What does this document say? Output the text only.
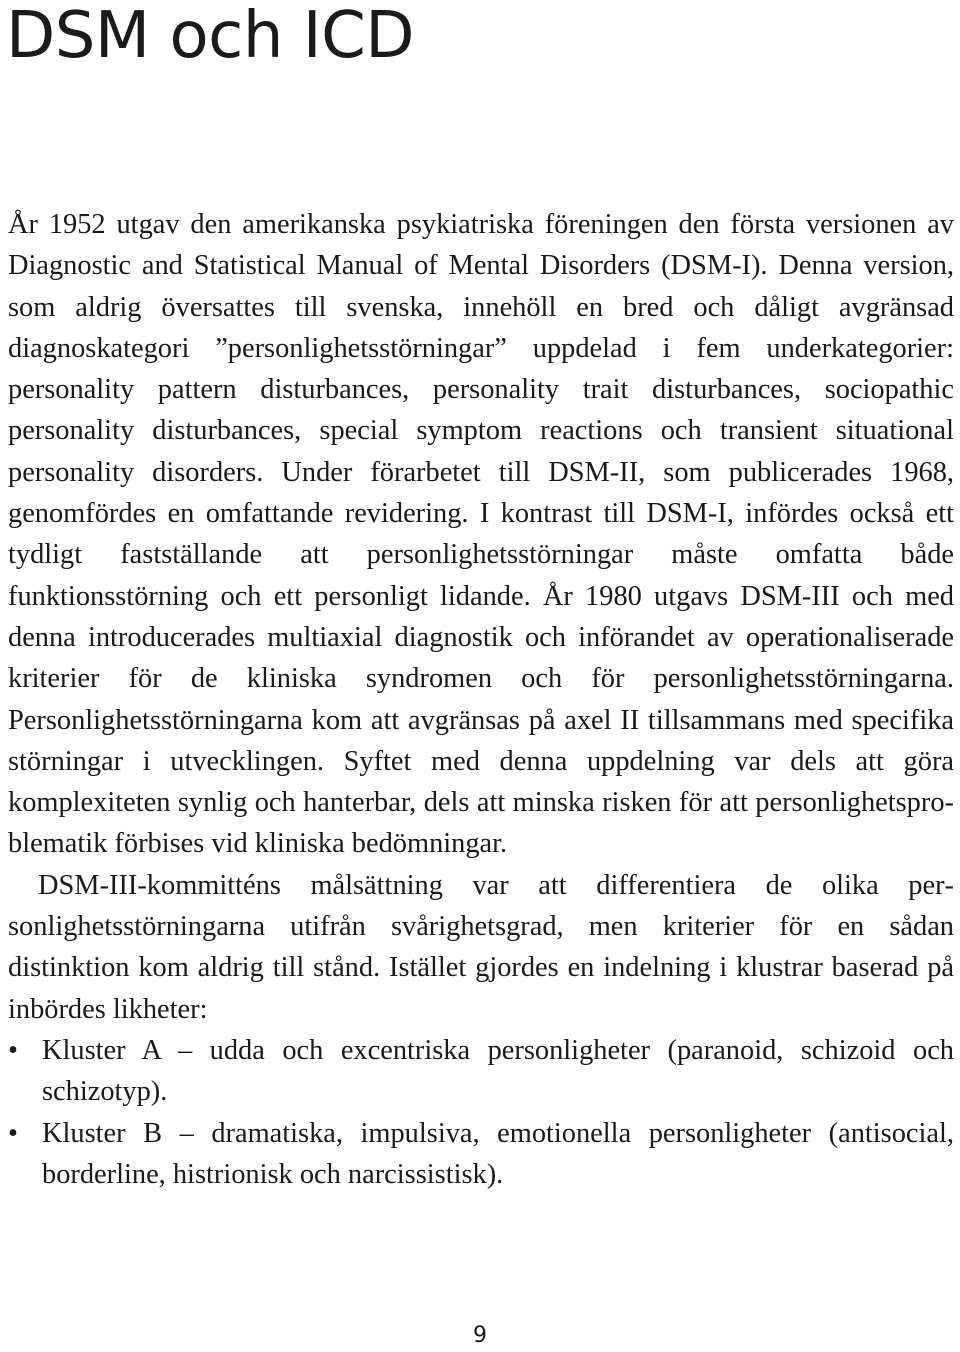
DSM och ICD

År 1952 utgav den amerikanska psykiatriska föreningen den första versionen av Diagnostic and Statistical Manual of Mental Disorders (DSM-I). Denna version, som aldrig översattes till svenska, innehöll en bred och dåligt avgränsad diagnoskategori ”personlighetsstörningar” uppdelad i fem underkategorier: personality pattern disturbances, personality trait disturbances, sociopathic personality disturbances, special symptom reactions och transient situational personality disorders. Under förarbetet till DSM-II, som publicerades 1968, genomfördes en omfattande revidering. I kontrast till DSM-I, infördes också ett tydligt fastställande att personlighetsstörningar måste omfatta både funktionsstörning och ett personligt lidande. År 1980 utgavs DSM-III och med denna introducerades multiaxial diagnostik och införandet av operationaliserade kriterier för de kliniska syndromen och för personlighetsstörningarna. Personlighetsstörningarna kom att avgränsas på axel II tillsammans med specifika störningar i utvecklingen. Syftet med denna uppdelning var dels att göra komplexiteten synlig och hanterbar, dels att minska risken för att personlighetsproblematik förbises vid kliniska bedömningar.

DSM-III-kommitténs målsättning var att differentiera de olika personlighetsstörningarna utifrån svårighetsgrad, men kriterier för en sådan distinktion kom aldrig till stånd. Istället gjordes en indelning i klustrar baserad på inbördes likheter:

• Kluster A – udda och excentriska personligheter (paranoid, schizoid och schizotyp).
• Kluster B – dramatiska, impulsiva, emotionella personligheter (antisocial, borderline, histrionisk och narcissistisk).
9
